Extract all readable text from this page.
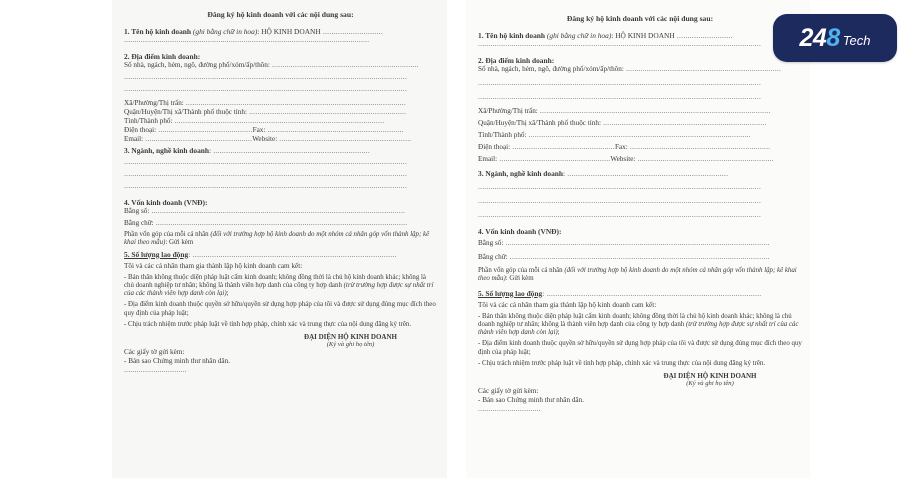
Đăng ký hộ kinh doanh với các nội dung sau:
1. Tên hộ kinh doanh (ghi bằng chữ in hoa): HỘ KINH DOANH ............................
.....................................................................................................................
2. Địa điểm kinh doanh:
Số nhà, ngách, hẻm, ngõ, đường phố/xóm/ấp/thôn: ......................................................................
.......................................................................................................................................
.......................................................................................................................................
Xã/Phường/Thị trấn: .........................................................................................................
Quận/Huyện/Thị xã/Thành phố thuộc tỉnh: ...........................................................................
Tỉnh/Thành phố: ....................................................................................................
Điện thoại: .............................................Fax: .................................................................
Email: ...................................................Website: ...............................................................
3. Ngành, nghề kinh doanh: .........................................................................
.......................................................................................................................................
.......................................................................................................................................
.......................................................................................................................................
4. Vốn kinh doanh (VNĐ):
Bằng số: .........................................................................................................................
Bằng chữ: ........................................................................................................................
Phần vốn góp của mỗi cá nhân (đối với trường hợp hộ kinh doanh do một nhóm cá nhân góp vốn thành lập; kê khai theo mẫu): Gửi kèm
5. Số lượng lao động: ...............................................................................................
Tôi và các cá nhân tham gia thành lập hộ kinh doanh cam kết:
- Bản thân không thuộc diện pháp luật cấm kinh doanh; không đồng thời là chủ hộ kinh doanh khác; không là chủ doanh nghiệp tư nhân; không là thành viên hợp danh của công ty hợp danh (trừ trường hợp được sự nhất trí của các thành viên hợp danh còn lại);
- Địa điểm kinh doanh thuộc quyền sở hữu/quyền sử dụng hợp pháp của tôi và được sử dụng đúng mục đích theo quy định của pháp luật;
- Chịu trách nhiệm trước pháp luật về tính hợp pháp, chính xác và trung thực của nội dung đăng ký trên.
ĐẠI DIỆN HỘ KINH DOANH
(Ký và ghi họ tên)
Các giấy tờ gửi kèm:
- Bản sao Chứng minh thư nhân dân.
..............................
Đăng ký hộ kinh doanh với các nội dung sau:
1. Tên hộ kinh doanh (ghi bằng chữ in hoa): HỘ KINH DOANH ..........................
.......................................................................................................................................
2. Địa điểm kinh doanh:
Số nhà, ngách, hẻm, ngõ, đường phố/xóm/ấp/thôn: ..........................................................................
.......................................................................................................................................
.......................................................................................................................................
Xã/Phường/Thị trấn: ..............................................................................................................
Quận/Huyện/Thị xã/Thành phố thuộc tỉnh: ..............................................................................
Tỉnh/Thành phố: ..........................................................................................................
Điện thoại: .................................................Fax: ...................................................................
Email: .....................................................Website: .................................................................
3. Ngành, nghề kinh doanh: ...........................................................................
.......................................................................................................................................
.......................................................................................................................................
.......................................................................................................................................
4. Vốn kinh doanh (VNĐ):
Bằng số: ..............................................................................................................................
Bằng chữ: ............................................................................................................................
Phần vốn góp của mỗi cá nhân (đối với trường hợp hộ kinh doanh do một nhóm cá nhân góp vốn thành lập; kê khai theo mẫu): Gửi kèm
5. Số lượng lao động: ....................................................................................................
Tôi và các cá nhân tham gia thành lập hộ kinh doanh cam kết:
- Bản thân không thuộc diện pháp luật cấm kinh doanh; không đồng thời là chủ hộ kinh doanh khác; không là chủ doanh nghiệp tư nhân; không là thành viên hợp danh của công ty hợp danh (trừ trường hợp được sự nhất trí của các thành viên hợp danh còn lại);
- Địa điểm kinh doanh thuộc quyền sở hữu/quyền sử dụng hợp pháp của tôi và được sử dụng đúng mục đích theo quy định của pháp luật;
- Chịu trách nhiệm trước pháp luật về tính hợp pháp, chính xác và trung thực của nội dung đăng ký trên.
ĐẠI DIỆN HỘ KINH DOANH
(Ký và ghi họ tên)
Các giấy tờ gửi kèm:
- Bản sao Chứng minh thư nhân dân.
..............................
248 Tech
